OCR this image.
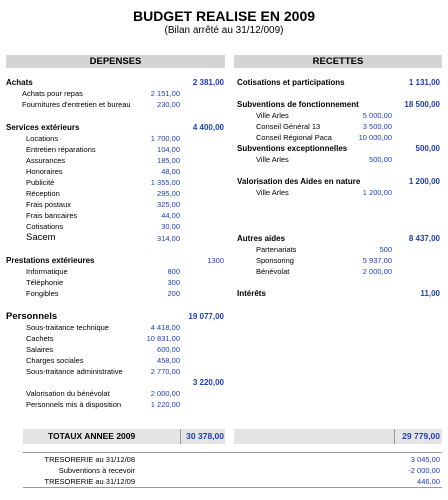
BUDGET REALISE EN 2009
(Bilan arrêté au 31/12/009)
DEPENSES	RECETTES
Achats	2 381,00
Achats pour repas	2 151,00
Fournitures d'entretien et bureau	230,00
Services extérieurs	4 400,00
Locations	1 700,00
Entretien réparations	104,00
Assurances	185,00
Honoraires	48,00
Publicité	1 355,00
Réception	295,00
Frais postaux	325,00
Frais bancaires	44,00
Cotisations	30,00
Sacem	314,00
Prestations extérieures	1300
Informatique	800
Téléphonie	300
Fongibles	200
Personnels	19 077,00
Sous-traitance technique	4 418,00
Cachets	10 831,00
Salaires	600,00
Charges sociales	458,00
Sous-traitance administrative	2 770,00
3 220,00
Valorisation du bénévolat	2 000,00
Personnels mis à disposition	1 220,00
Cotisations et participations	1 131,00
Subventions de fonctionnement	18 500,00
Ville Arles	5 000,00
Conseil Général 13	3 500,00
Conseil Régional Paca	10 000,00
Subventions exceptionnelles	500,00
Ville Arles	500,00
Valorisation des Aides en nature	1 200,00
Ville Arles	1 200,00
Autres aides	8 437,00
Partenariats	500
Sponsoring	5 937,00
Bénévolat	2 000,00
Intérêts	11,00
TOTAUX ANNEE 2009	30 378,00	29 779,00
TRESORERIE au 31/12/08	3 045,00
Subventions à recevoir	-2 000,00
TRESORERIE au 31/12/09	446,00
